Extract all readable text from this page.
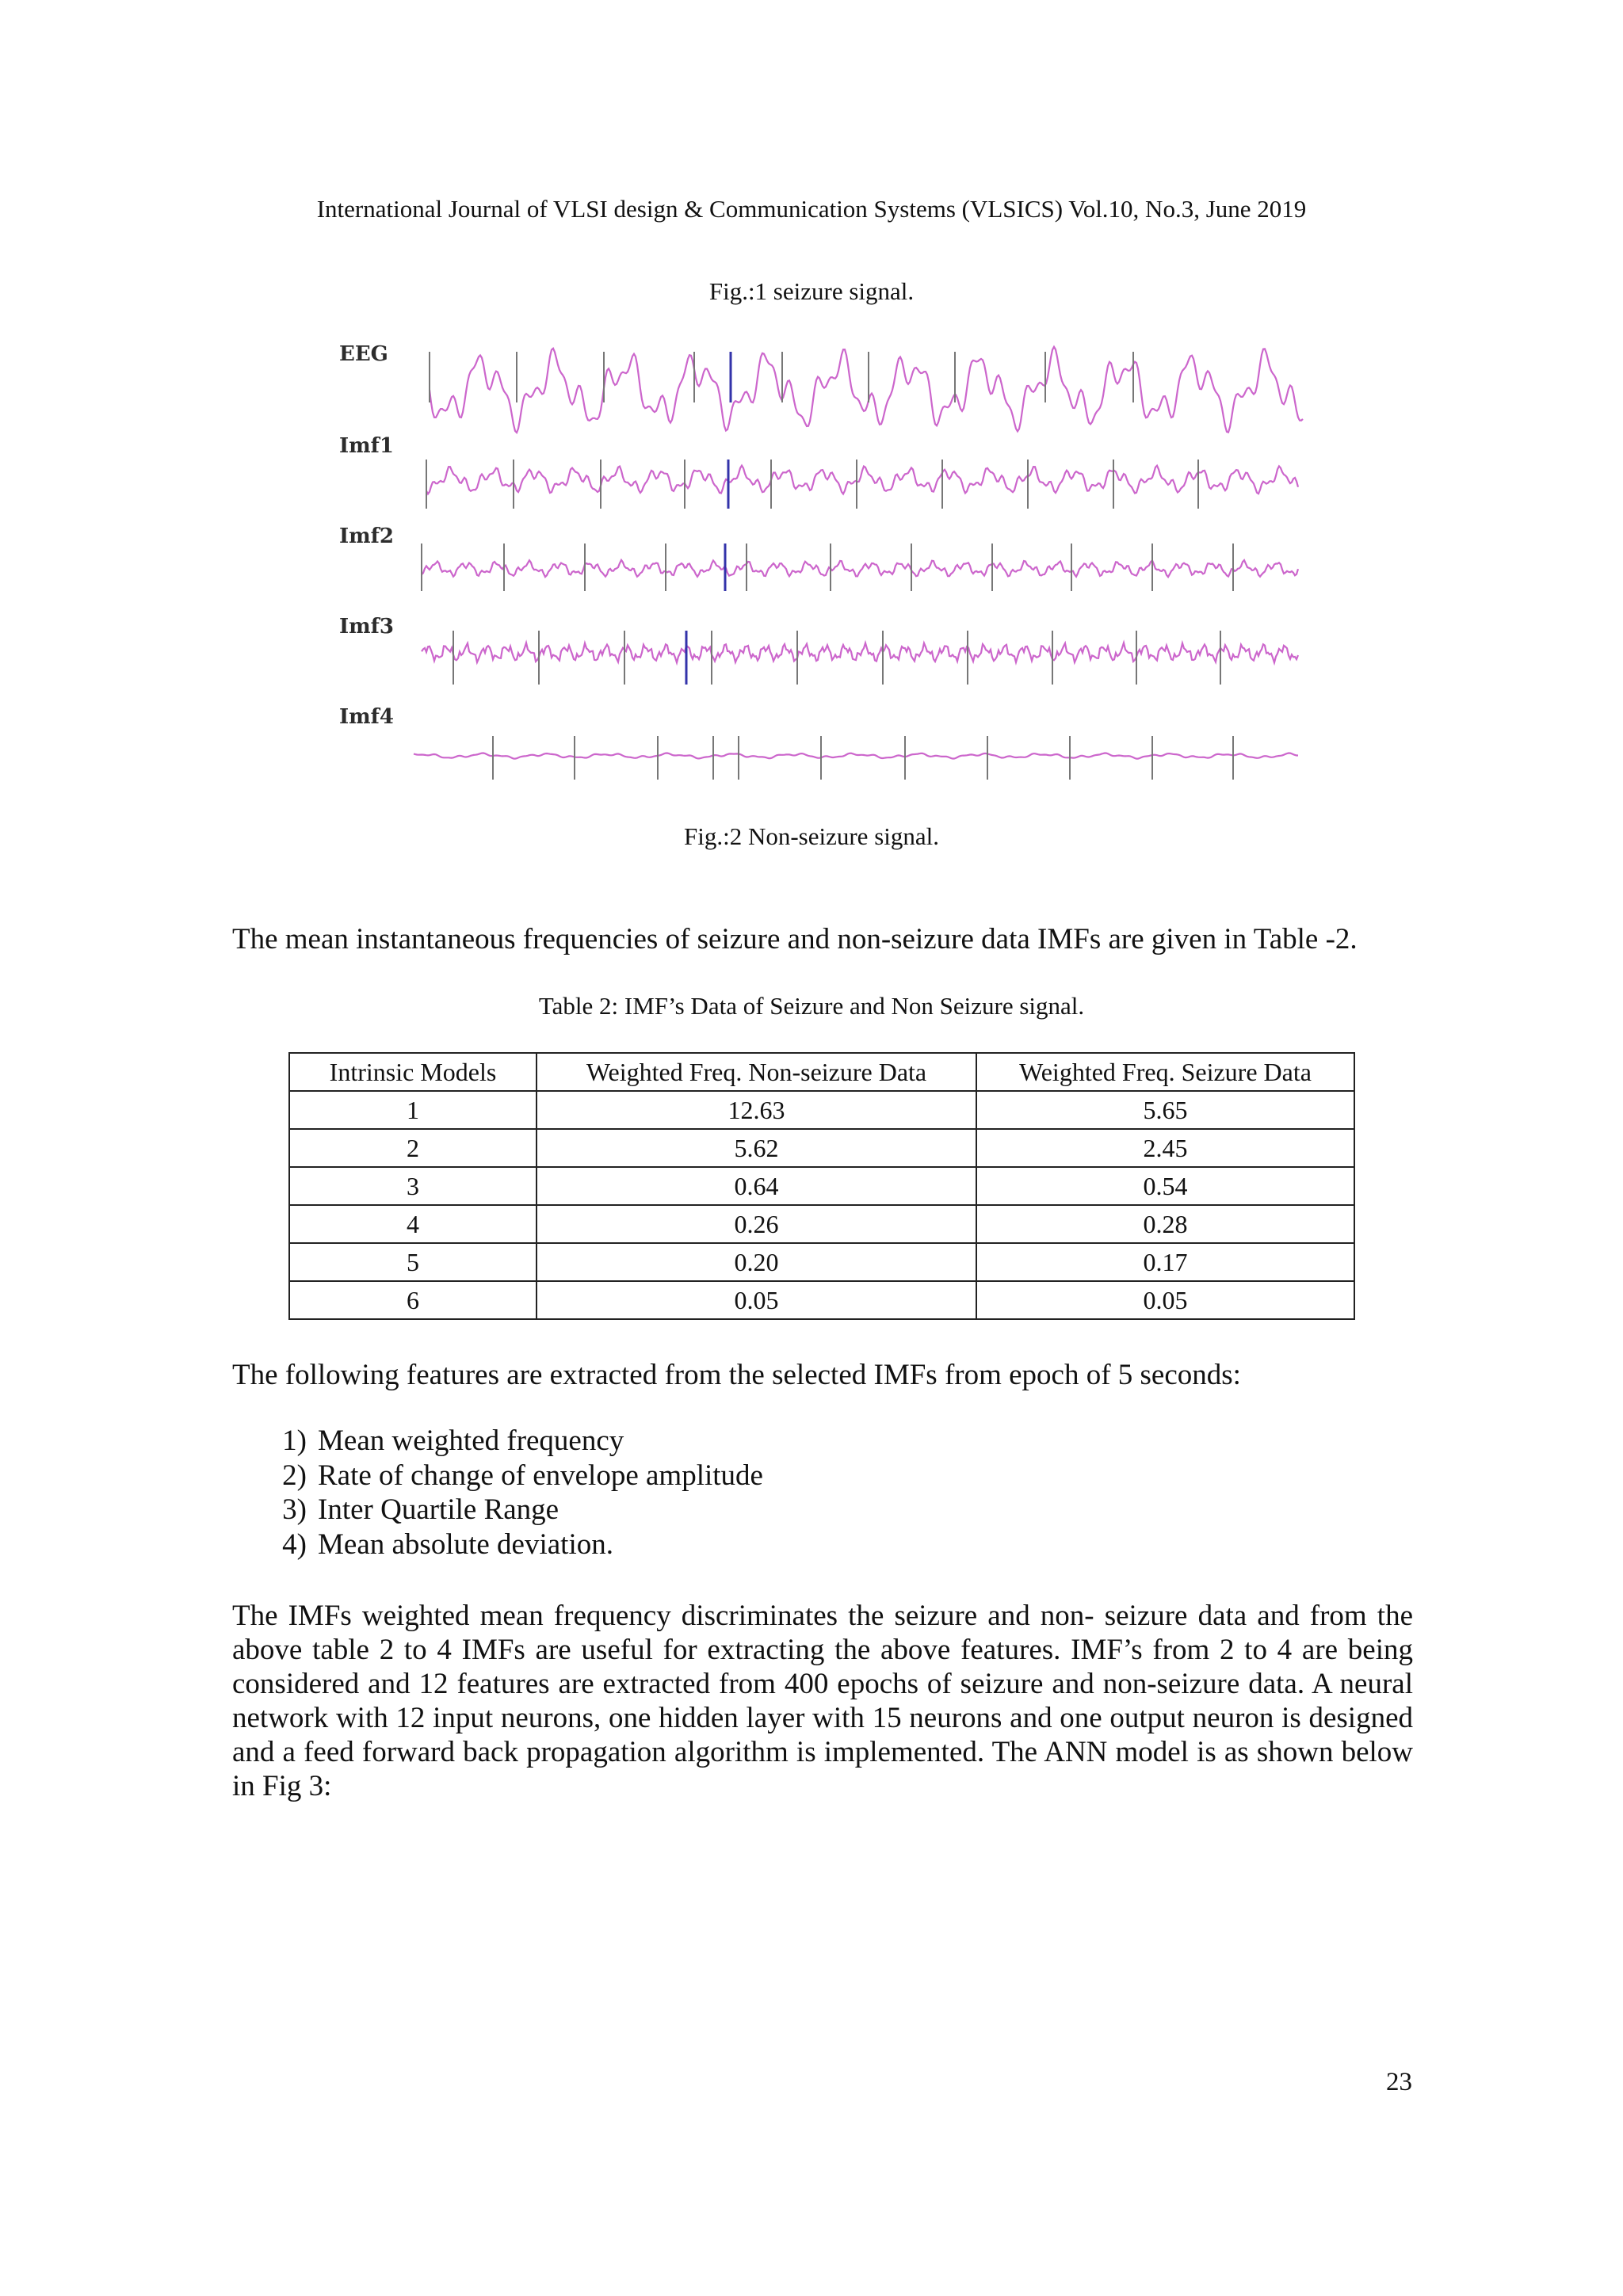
International Journal of VLSI design & Communication Systems (VLSICS) Vol.10, No.3, June 2019
Fig.:1 seizure signal.
EEG
Imf1
Imf2
Imf3
Imf4
Fig.:2 Non-seizure signal.
The mean instantaneous frequencies of seizure and non-seizure data IMFs are given in Table -2.
Table 2: IMF’s Data of Seizure and Non Seizure signal.
Intrinsic Models	Weighted Freq. Non-seizure Data	Weighted Freq. Seizure Data
1	12.63	5.65
2	5.62	2.45
3	0.64	0.54
4	0.26	0.28
5	0.20	0.17
6	0.05	0.05
The following features are extracted from the selected IMFs from epoch of 5 seconds:
1) Mean weighted frequency
2) Rate of change of envelope amplitude
3) Inter Quartile Range
4) Mean absolute deviation.
The IMFs weighted mean frequency discriminates the seizure and non- seizure data and from the above table 2 to 4 IMFs are useful for extracting the above features. IMF’s from 2 to 4 are being considered and 12 features are extracted from 400 epochs of seizure and non-seizure data. A neural network with 12 input neurons, one hidden layer with 15 neurons and one output neuron is designed and a feed forward back propagation algorithm is implemented. The ANN model is as shown below in Fig 3:
23
